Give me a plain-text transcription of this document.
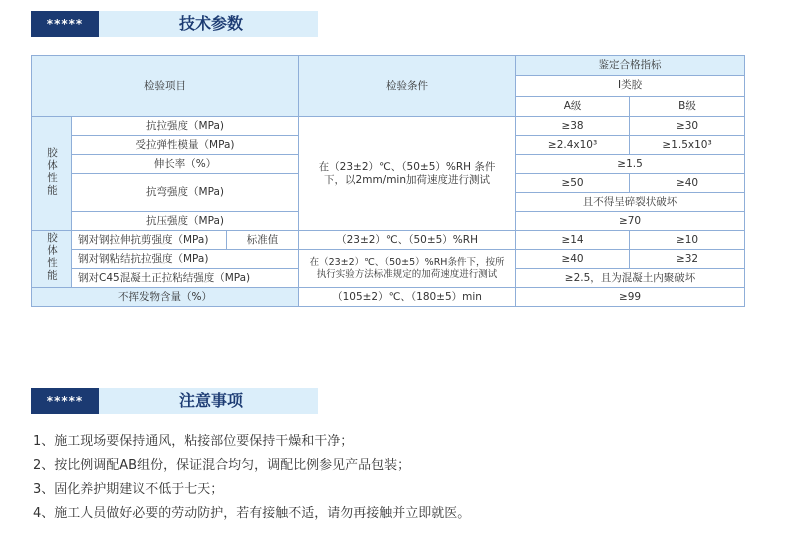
*****	技术参数
检验项目			检验条件	鉴定合格指标	
				I类胶	
				A级	B级
胶体性能	抗拉强度（MPa)		在（23±2）℃、（50±5）%RH 条件下，以2mm/min加荷速度进行测试	≥38	≥30
	受拉弹性模量（MPa)			≥2.4x10³	≥1.5x10³
	伸长率（%）			≥1.5	
	抗弯强度（MPa)			≥50	≥40
				且不得呈碎裂状破坏	
	抗压强度（MPa)			≥70	
胶体性能	钢对钢拉伸抗剪强度（MPa)	标准值	（23±2）℃、（50±5）%RH	≥14	≥10
	钢对钢粘结抗拉强度（MPa)		在（23±2）℃、（50±5）%RH条件下，按所执行实验方法标准规定的加荷速度进行测试	≥40	≥32
	钢对C45混凝土正拉粘结强度（MPa)			≥2.5，且为混凝土内聚破坏	
不挥发物含量（%）			（105±2）℃、（180±5）min	≥99	
*****	注意事项
1、施工现场要保持通风，粘接部位要保持干燥和干净；
2、按比例调配AB组份，保证混合均匀，调配比例参见产品包装；
3、固化养护期建议不低于七天；
4、施工人员做好必要的劳动防护，若有接触不适，请勿再接触并立即就医。
